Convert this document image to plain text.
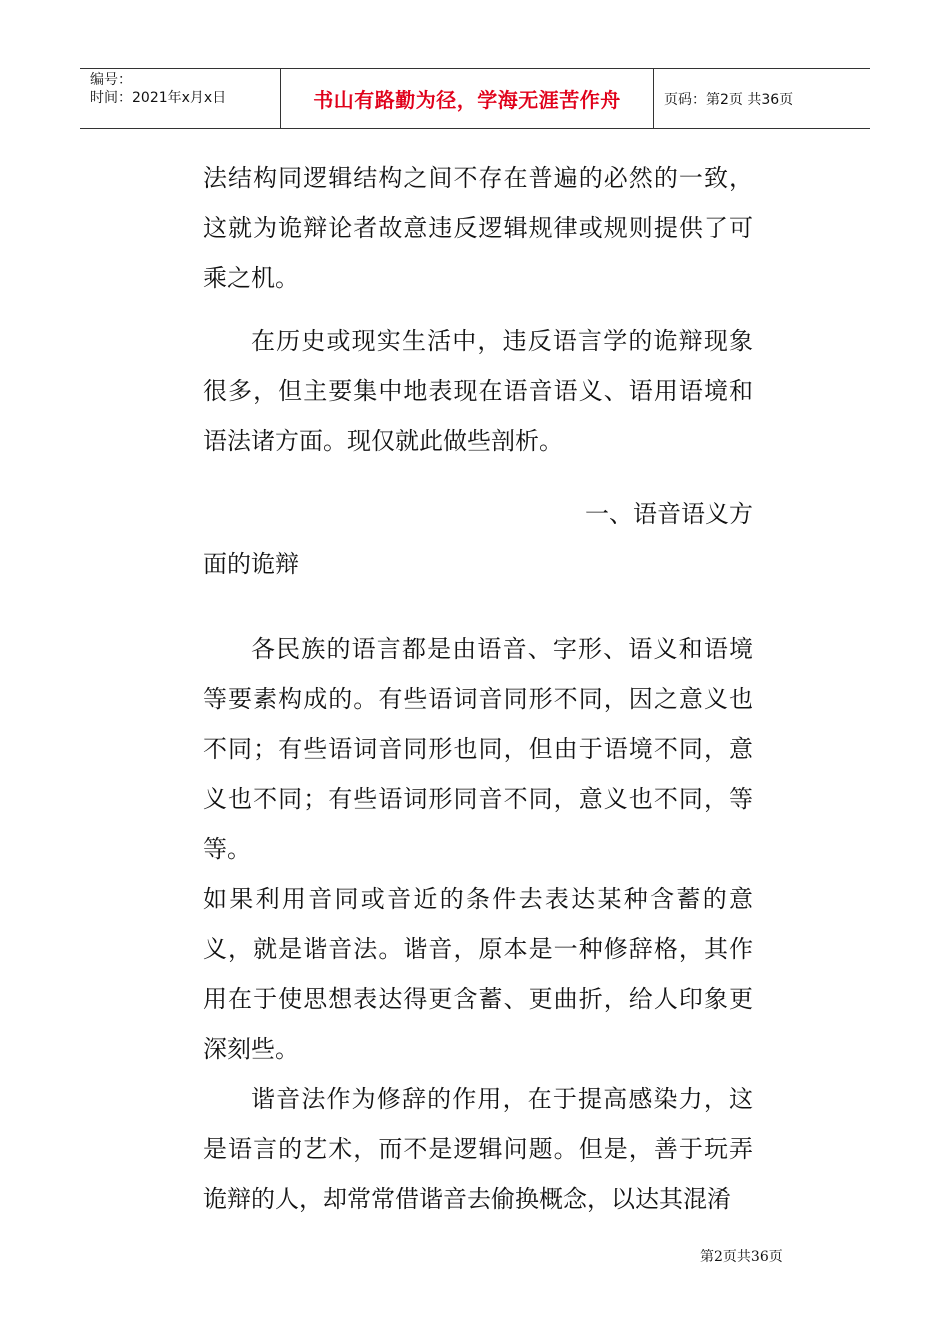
编号：
时间：2021年x月x日	书山有路勤为径，学海无涯苦作舟	页码：第2页 共36页

法结构同逻辑结构之间不存在普遍的必然的一致，这就为诡辩论者故意违反逻辑规律或规则提供了可乘之机。

在历史或现实生活中，违反语言学的诡辩现象很多，但主要集中地表现在语音语义、语用语境和语法诸方面。现仅就此做些剖析。

一、语音语义方

面的诡辩

各民族的语言都是由语音、字形、语义和语境等要素构成的。有些语词音同形不同，因之意义也不同；有些语词音同形也同，但由于语境不同，意义也不同；有些语词形同音不同，意义也不同，等等。

如果利用音同或音近的条件去表达某种含蓄的意义，就是谐音法。谐音，原本是一种修辞格，其作用在于使思想表达得更含蓄、更曲折，给人印象更深刻些。

谐音法作为修辞的作用，在于提高感染力，这是语言的艺术，而不是逻辑问题。但是，善于玩弄诡辩的人，却常常借谐音去偷换概念，以达其混淆

第2页共36页
